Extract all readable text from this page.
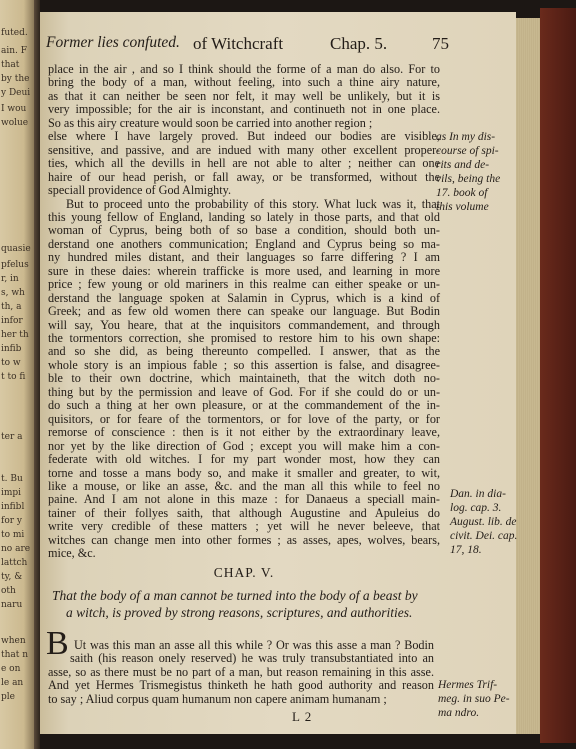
futed.
ain. F
that
by the
y Deui
I wou
wolue
quasie
pfelus
r, in
s, wh
th, a
infor
her th
infib
to w
t to fi
ter a
t. Bu
impi
infibl
for y
to mi
no are
lattch
ty, &
oth
naru
when
that n
e on
le an
ple
Former lies confuted. of Witchcraft	Chap. 5.	75
place in the air , and so I think should the forme of a man do also. For to
bring the body of a man, without feeling, into such a thine airy nature,
as that it can neither be seen nor felt, it may well be unlikely, but it is
very impossible; for the air is inconstant, and continueth not in one place.
So as this airy creature would soon be carried into another region ;
else where I have largely proved. But indeed our bodies are visible,
sensitive, and passive, and are indued with many other excellent proper-
ties, which all the devills in hell are not able to alter ; neither can one
haire of our head perish, or fall away, or be transformed, without the
speciall providence of God Almighty.
But to proceed unto the probability of this story. What luck was it, that
this young fellow of England, landing so lately in those parts, and that old
woman of Cyprus, being both of so base a condition, should both un-
derstand one anothers communication; England and Cyprus being so ma-
ny hundred miles distant, and their languages so farre differing ? I am
sure in these daies: wherein trafficke is more used, and learning in more
price ; few young or old mariners in this realme can either speake or un-
derstand the language spoken at Salamin in Cyprus, which is a kind of
Greek; and as few old women there can speake our language. But Bodin
will say, You heare, that at the inquisitors commandement, and through
the tormentors correction, she promised to restore him to his own shape:
and so she did, as being thereunto compelled. I answer, that as the
whole story is an impious fable ; so this assertion is false, and disagree-
ble to their own doctrine, which maintaineth, that the witch doth no-
thing but by the permission and leave of God. For if she could do or un-
do such a thing at her own pleasure, or at the commandement of the in-
quisitors, or for feare of the tormentors, or for love of the party, or for
remorse of conscience : then is it not either by the extraordinary leave,
nor yet by the like direction of God ; except you will make him a con-
federate with old witches. I for my part wonder most, how they can
torne and tosse a mans body so, and make it smaller and greater, to wit,
like a mouse, or like an asse, &c. and the man all this while to feel no
paine. And I am not alone in this maze : for Danaeus a speciall main-
tainer of their follyes saith, that although Augustine and Apuleius do
write very credible of these matters ; yet will he never beleeve, that
witches can change men into other formes ; as asses, apes, wolves, bears,
mice, &c.
as In my dis-
course of spi-
rits and de-
vils, being the
17. book of
this volume
Dan. in dia-
log. cap. 3.
August. lib. de
civit. Dei. cap.
17, 18.
CHAP. V.
That the body of a man cannot be turned into the body of a beast by
a witch, is proved by strong reasons, scriptures, and authorities.
B Ut was this man an asse all this while ? Or was this asse a man ? Bodin
saith (his reason onely reserved) he was truly transubstantiated into an
asse, so as there must be no part of a man, but reason remaining in this asse.
And yet Hermes Trismegistus thinketh he hath good authority and reason
to say ; Aliud corpus quam humanum non capere animam humanam ;
Hermes Trif-
meg. in suo Pe-
ma ndro.
L 2
